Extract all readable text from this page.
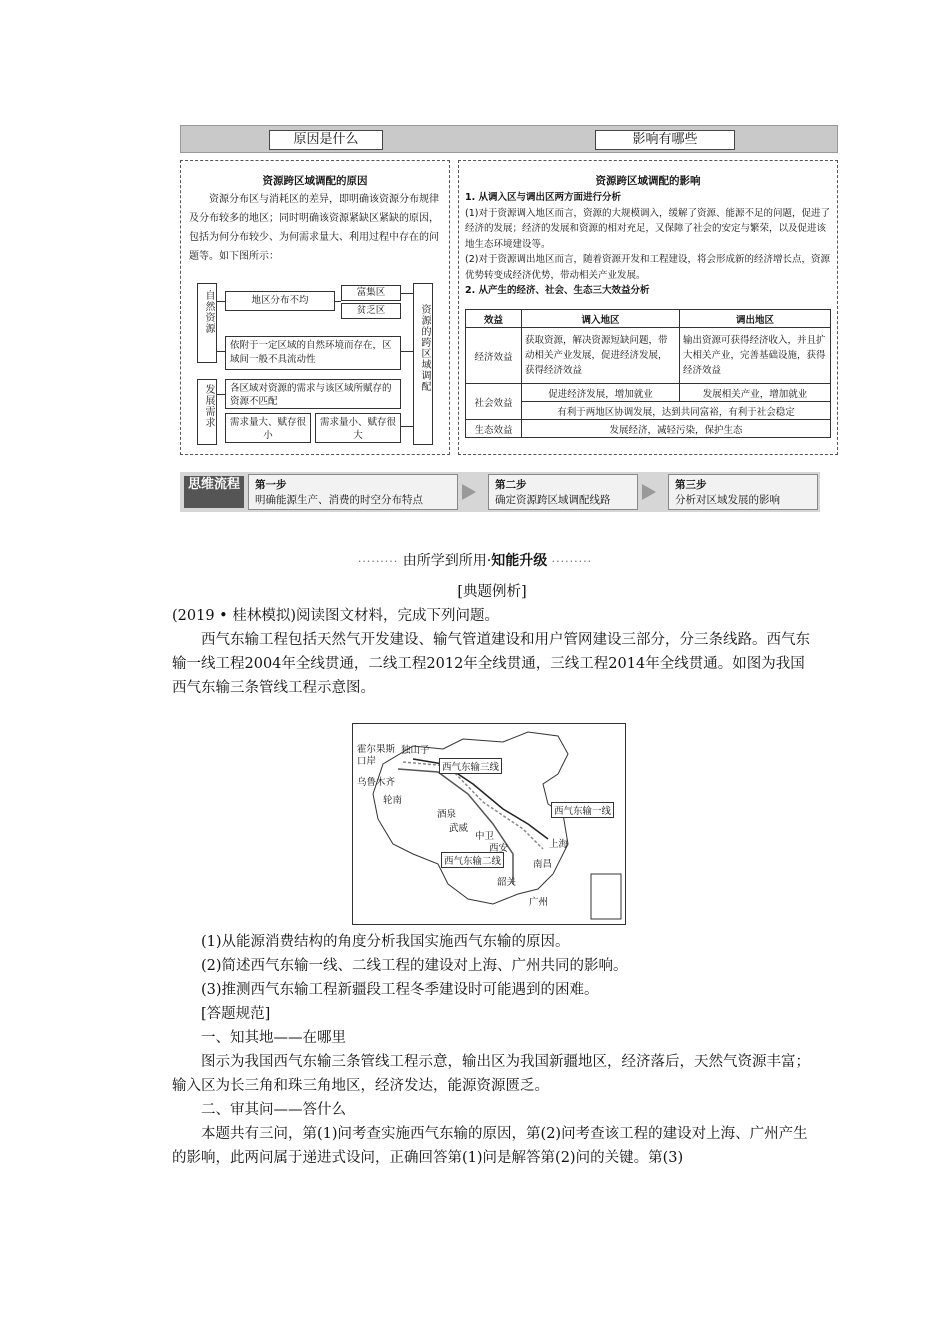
原因是什么	影响有哪些
资源跨区域调配的原因
资源分布区与消耗区的差异，即明确该资源分布规律及分布较多的地区；同时明确该资源紧缺区紧缺的原因，包括为何分布较少、为何需求量大、利用过程中存在的问题等。如下图所示：
自然资源	地区分布不均
富集区
贫乏区
依附于一定区域的自然环境而存在，区域间一般不具流动性
发展需求	各区域对资源的需求与该区域所赋存的资源不匹配
需求量大、赋存很小
需求量小、赋存很大
资源的跨区域调配
资源跨区域调配的影响
1. 从调入区与调出区两方面进行分析
(1)对于资源调入地区而言，资源的大规模调入，缓解了资源、能源不足的问题，促进了经济的发展；经济的发展和资源的相对充足，又保障了社会的安定与繁荣，以及促进该地生态环境建设等。
(2)对于资源调出地区而言，随着资源开发和工程建设，将会形成新的经济增长点，资源优势转变成经济优势，带动相关产业发展。
2. 从产生的经济、社会、生态三大效益分析
效益	调入地区	调出地区
经济效益	获取资源，解决资源短缺问题，带动相关产业发展，促进经济发展，获得经济效益	输出资源可获得经济收入，并且扩大相关产业，完善基础设施，获得经济效益
社会效益	促进经济发展，增加就业	发展相关产业，增加就业
	有利于两地区协调发展，达到共同富裕，有利于社会稳定	
生态效益	发展经济，减轻污染，保护生态	
思维流程	第一步
明确能源生产、消费的时空分布特点
第二步
确定资源跨区域调配线路
第三步
分析对区域发展的影响
········· 由所学到所用·知能升级 ·········
[典题例析]

(2019 • 桂林模拟)阅读图文材料，完成下列问题。

西气东输工程包括天然气开发建设、输气管道建设和用户管网建设三部分，分三条线路。西气东输一线工程2004年全线贯通，二线工程2012年全线贯通，三线工程2014年全线贯通。如图为我国西气东输三条管线工程示意图。

霍尔果斯口岸
独山子
乌鲁木齐
轮南
西气东输三线
西气东输一线
西气东输二线
酒泉
武威
中卫
西安	上海
南昌
韶关
广州

(1)从能源消费结构的角度分析我国实施西气东输的原因。

(2)简述西气东输一线、二线工程的建设对上海、广州共同的影响。

(3)推测西气东输工程新疆段工程冬季建设时可能遇到的困难。

[答题规范]

一、知其地——在哪里

图示为我国西气东输三条管线工程示意，输出区为我国新疆地区，经济落后，天然气资源丰富；输入区为长三角和珠三角地区，经济发达，能源资源匮乏。

二、审其问——答什么

本题共有三问，第(1)问考查实施西气东输的原因，第(2)问考查该工程的建设对上海、广州产生的影响，此两问属于递进式设问，正确回答第(1)问是解答第(2)问的关键。第(3)
